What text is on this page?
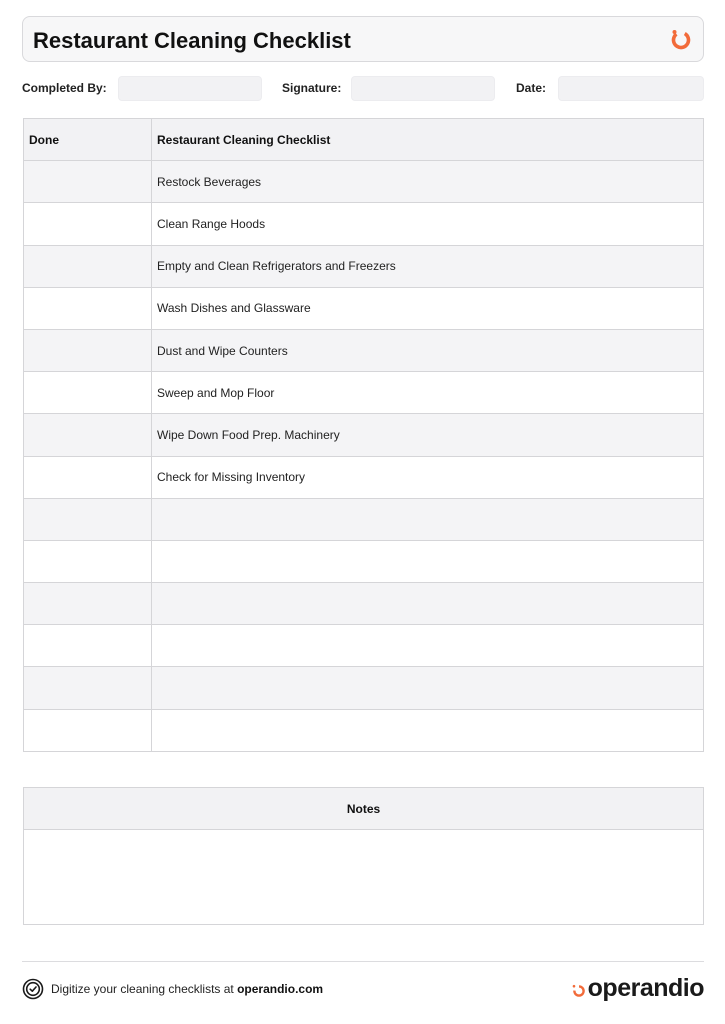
Restaurant Cleaning Checklist
Completed By:	Signature:	Date:
Done	Restaurant Cleaning Checklist
	Restock Beverages
	Clean Range Hoods
	Empty and Clean Refrigerators and Freezers
	Wash Dishes and Glassware
	Dust and Wipe Counters
	Sweep and Mop Floor
	Wipe Down Food Prep. Machinery
	Check for Missing Inventory

Notes
Digitize your cleaning checklists at operandio.com	operandio
